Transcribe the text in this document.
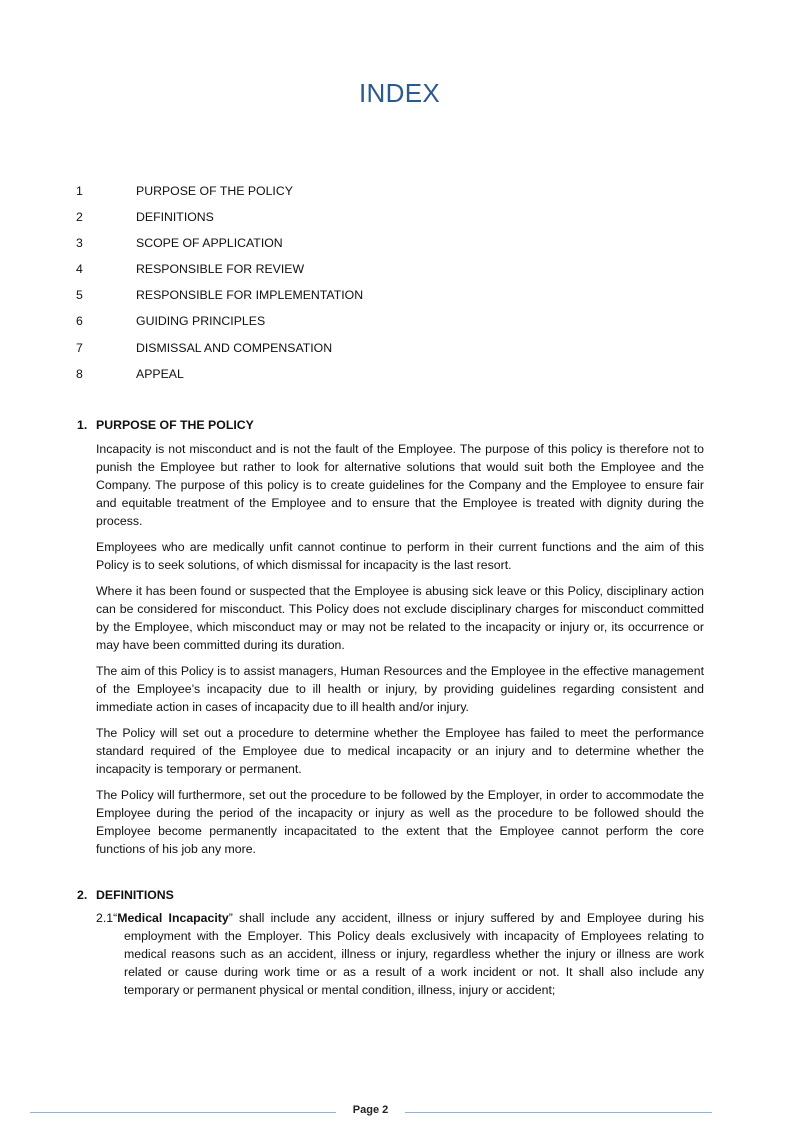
INDEX
1	PURPOSE OF THE POLICY
2	DEFINITIONS
3	SCOPE OF APPLICATION
4	RESPONSIBLE FOR REVIEW
5	RESPONSIBLE FOR IMPLEMENTATION
6	GUIDING PRINCIPLES
7	DISMISSAL AND COMPENSATION
8	APPEAL
1. PURPOSE OF THE POLICY

Incapacity is not misconduct and is not the fault of the Employee. The purpose of this policy is therefore not to punish the Employee but rather to look for alternative solutions that would suit both the Employee and the Company. The purpose of this policy is to create guidelines for the Company and the Employee to ensure fair and equitable treatment of the Employee and to ensure that the Employee is treated with dignity during the process.

Employees who are medically unfit cannot continue to perform in their current functions and the aim of this Policy is to seek solutions, of which dismissal for incapacity is the last resort.

Where it has been found or suspected that the Employee is abusing sick leave or this Policy, disciplinary action can be considered for misconduct. This Policy does not exclude disciplinary charges for misconduct committed by the Employee, which misconduct may or may not be related to the incapacity or injury or, its occurrence or may have been committed during its duration.

The aim of this Policy is to assist managers, Human Resources and the Employee in the effective management of the Employee’s incapacity due to ill health or injury, by providing guidelines regarding consistent and immediate action in cases of incapacity due to ill health and/or injury.

The Policy will set out a procedure to determine whether the Employee has failed to meet the performance standard required of the Employee due to medical incapacity or an injury and to determine whether the incapacity is temporary or permanent.

The Policy will furthermore, set out the procedure to be followed by the Employer, in order to accommodate the Employee during the period of the incapacity or injury as well as the procedure to be followed should the Employee become permanently incapacitated to the extent that the Employee cannot perform the core functions of his job any more.

2. DEFINITIONS

2.1“Medical Incapacity” shall include any accident, illness or injury suffered by and Employee during his employment with the Employer. This Policy deals exclusively with incapacity of Employees relating to medical reasons such as an accident, illness or injury, regardless whether the injury or illness are work related or cause during work time or as a result of a work incident or not. It shall also include any temporary or permanent physical or mental condition, illness, injury or accident;

Page 2
